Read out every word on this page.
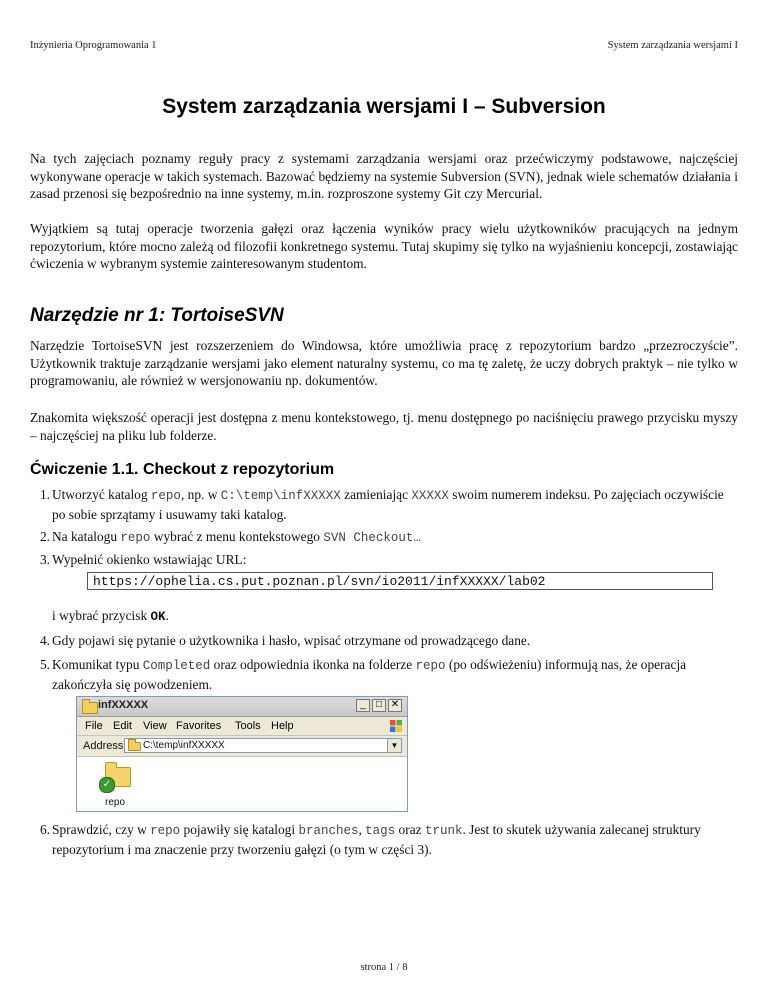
Inżynieria Oprogramowania 1	System zarządzania wersjami I
System zarządzania wersjami I – Subversion

Na tych zajęciach poznamy reguły pracy z systemami zarządzania wersjami oraz przećwiczymy podstawowe, najczęściej wykonywane operacje w takich systemach. Bazować będziemy na systemie Subversion (SVN), jednak wiele schematów działania i zasad przenosi się bezpośrednio na inne systemy, m.in. rozproszone systemy Git czy Mercurial.

Wyjątkiem są tutaj operacje tworzenia gałęzi oraz łączenia wyników pracy wielu użytkowników pracujących na jednym repozytorium, które mocno zależą od filozofii konkretnego systemu. Tutaj skupimy się tylko na wyjaśnieniu koncepcji, zostawiając ćwiczenia w wybranym systemie zainteresowanym studentom.

Narzędzie nr 1: TortoiseSVN

Narzędzie TortoiseSVN jest rozszerzeniem do Windowsa, które umożliwia pracę z repozytorium bardzo „przezroczyście”. Użytkownik traktuje zarządzanie wersjami jako element naturalny systemu, co ma tę zaletę, że uczy dobrych praktyk – nie tylko w programowaniu, ale również w wersjonowaniu np. dokumentów.

Znakomita większość operacji jest dostępna z menu kontekstowego, tj. menu dostępnego po naciśnięciu prawego przycisku myszy – najczęściej na pliku lub folderze.

Ćwiczenie 1.1. Checkout z repozytorium
1. Utworzyć katalog repo, np. w C:\temp\infXXXXX zamieniając XXXXX swoim numerem indeksu. Po zajęciach oczywiście po sobie sprzątamy i usuwamy taki katalog.
2. Na katalogu repo wybrać z menu kontekstowego SVN Checkout…
3. Wypełnić okienko wstawiając URL:
https://ophelia.cs.put.poznan.pl/svn/io2011/infXXXXX/lab02
i wybrać przycisk OK.
4. Gdy pojawi się pytanie o użytkownika i hasło, wpisać otrzymane od prowadzącego dane.
5. Komunikat typu Completed oraz odpowiednia ikonka na folderze repo (po odświeżeniu) informują nas, że operacja zakończyła się powodzeniem.
infXXXXX	_	□ ✕
File Edit View Favorites Tools Help
Address C:\temp\infXXXXX	▼
✓
repo
6. Sprawdzić, czy w repo pojawiły się katalogi branches, tags oraz trunk. Jest to skutek używania zalecanej struktury repozytorium i ma znaczenie przy tworzeniu gałęzi (o tym w części 3).
strona 1 / 8
